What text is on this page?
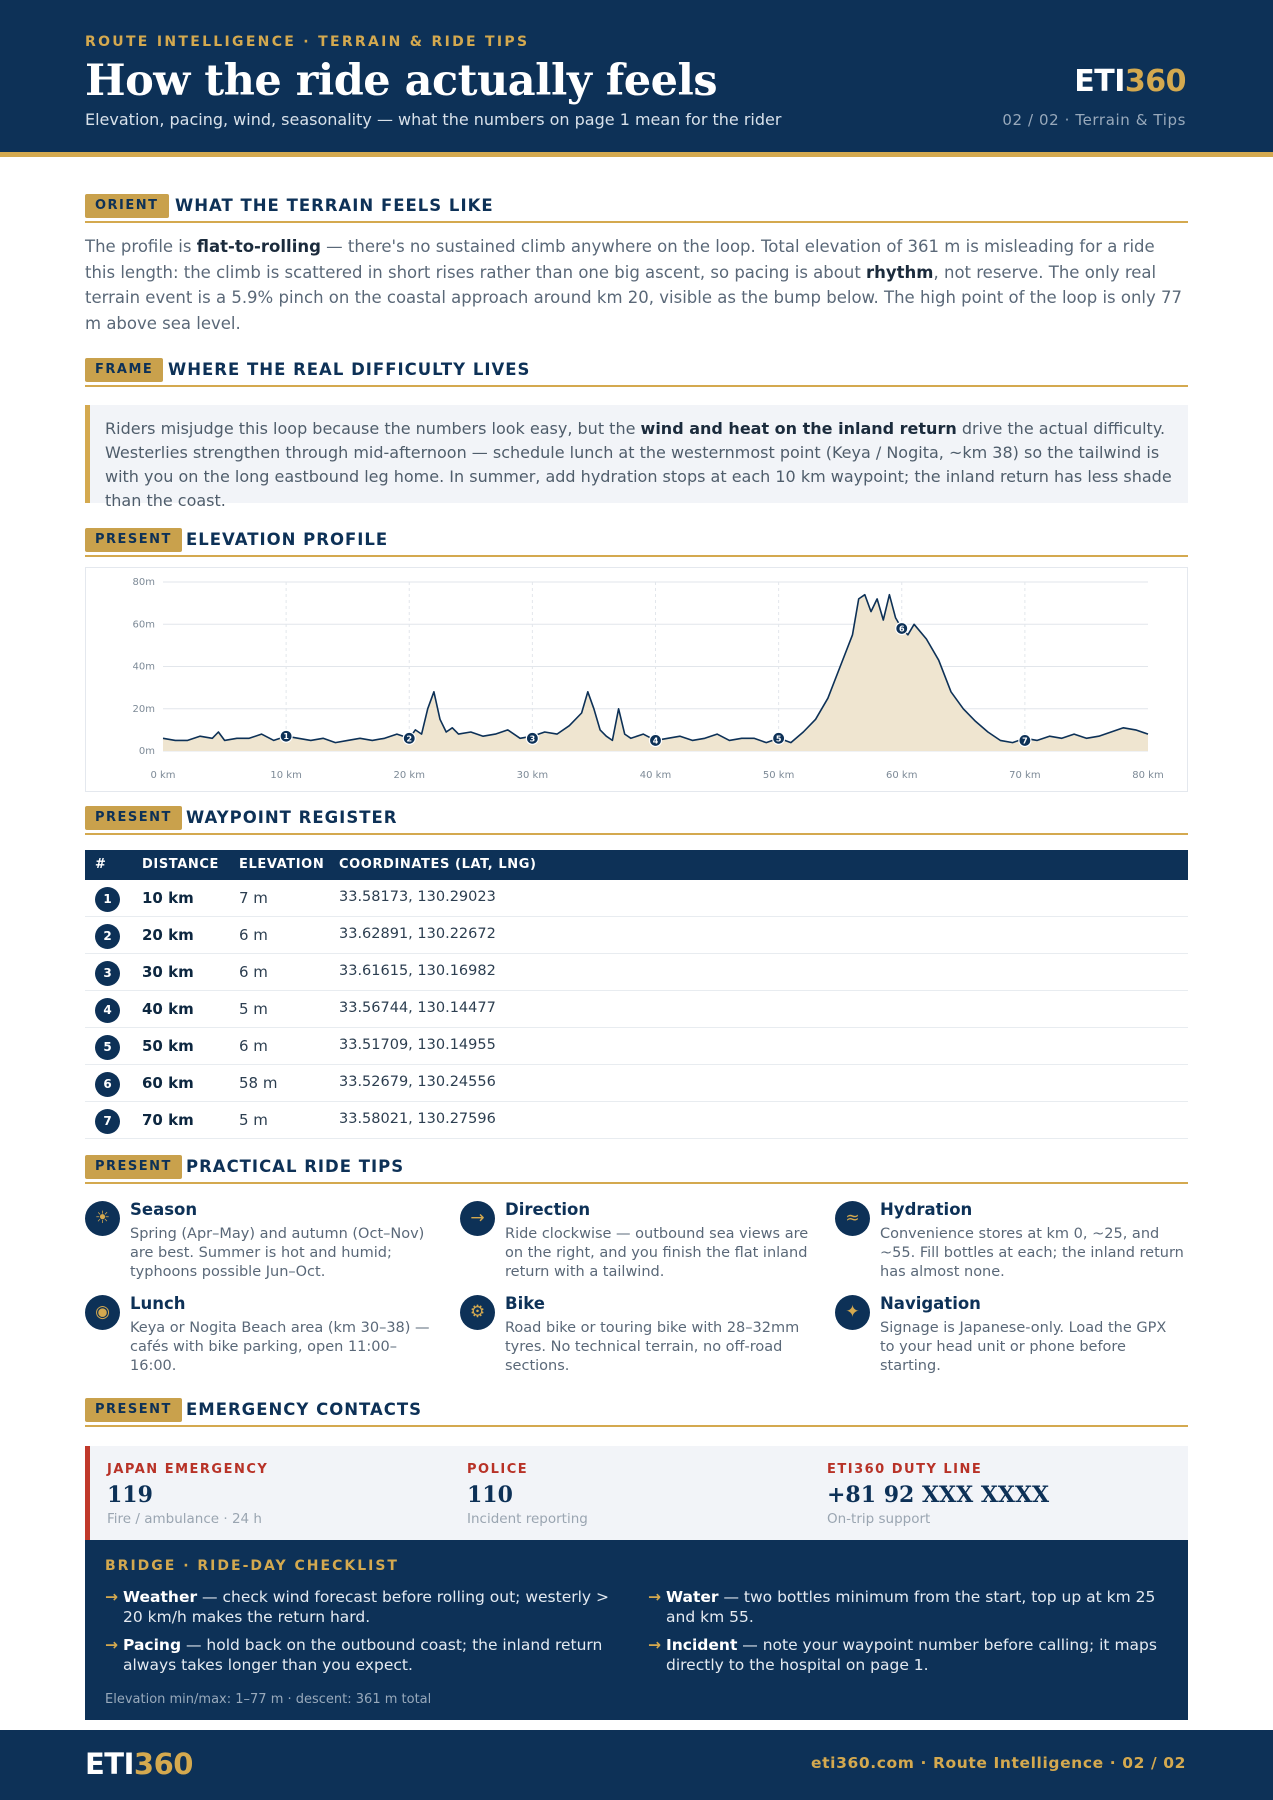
ROUTE INTELLIGENCE · TERRAIN & RIDE TIPS
How the ride actually feels
Elevation, pacing, wind, seasonality — what the numbers on page 1 mean for the rider
ETI360
02 / 02 · Terrain & Tips
ORIENT WHAT THE TERRAIN FEELS LIKE
The profile is flat-to-rolling — there's no sustained climb anywhere on the loop. Total elevation of 361 m is misleading for a ride this length: the climb is scattered in short rises rather than one big ascent, so pacing is about rhythm, not reserve. The only real terrain event is a 5.9% pinch on the coastal approach around km 20, visible as the bump below. The high point of the loop is only 77 m above sea level.
FRAME WHERE THE REAL DIFFICULTY LIVES
Riders misjudge this loop because the numbers look easy, but the wind and heat on the inland return drive the actual difficulty. Westerlies strengthen through mid-afternoon — schedule lunch at the westernmost point (Keya / Nogita, ~km 38) so the tailwind is with you on the long eastbound leg home. In summer, add hydration stops at each 10 km waypoint; the inland return has less shade than the coast.
PRESENT ELEVATION PROFILE
0m
20m
40m
60m
80m
0 km	10 km	20 km	30 km	40 km	50 km	60 km	70 km	80 km
1	2	3	4	5
6
7
PRESENT WAYPOINT REGISTER
#	DISTANCE ELEVATION COORDINATES (LAT, LNG)
1	10 km	7 m	33.58173, 130.29023
2	20 km	6 m	33.62891, 130.22672
3	30 km	6 m	33.61615, 130.16982
4	40 km	5 m	33.56744, 130.14477
5	50 km	6 m	33.51709, 130.14955
6	60 km	58 m	33.52679, 130.24556
7	70 km	5 m	33.58021, 130.27596
PRESENT PRACTICAL RIDE TIPS
☀	Season
Spring (Apr–May) and autumn (Oct–Nov) are best. Summer is hot and humid; typhoons possible Jun–Oct.
→	Direction
Ride clockwise — outbound sea views are on the right, and you finish the flat inland return with a tailwind.
≈	Hydration
Convenience stores at km 0, ~25, and ~55. Fill bottles at each; the inland return has almost none.
◉	Lunch
Keya or Nogita Beach area (km 30–38) — cafés with bike parking, open 11:00–16:00.
⚙	Bike
Road bike or touring bike with 28–32mm tyres. No technical terrain, no off-road sections.
✦	Navigation
Signage is Japanese-only. Load the GPX to your head unit or phone before starting.
PRESENT EMERGENCY CONTACTS
JAPAN EMERGENCY
119
Fire / ambulance · 24 h
POLICE
110
Incident reporting
ETI360 DUTY LINE
+81 92 XXX XXXX
On-trip support
BRIDGE · RIDE-DAY CHECKLIST
→ Weather — check wind forecast before rolling out; westerly > 20 km/h makes the return hard.
→ Water — two bottles minimum from the start, top up at km 25 and km 55.
→ Pacing — hold back on the outbound coast; the inland return always takes longer than you expect.
→ Incident — note your waypoint number before calling; it maps directly to the hospital on page 1.
Elevation min/max: 1–77 m · descent: 361 m total
ETI360	eti360.com · Route Intelligence · 02 / 02
